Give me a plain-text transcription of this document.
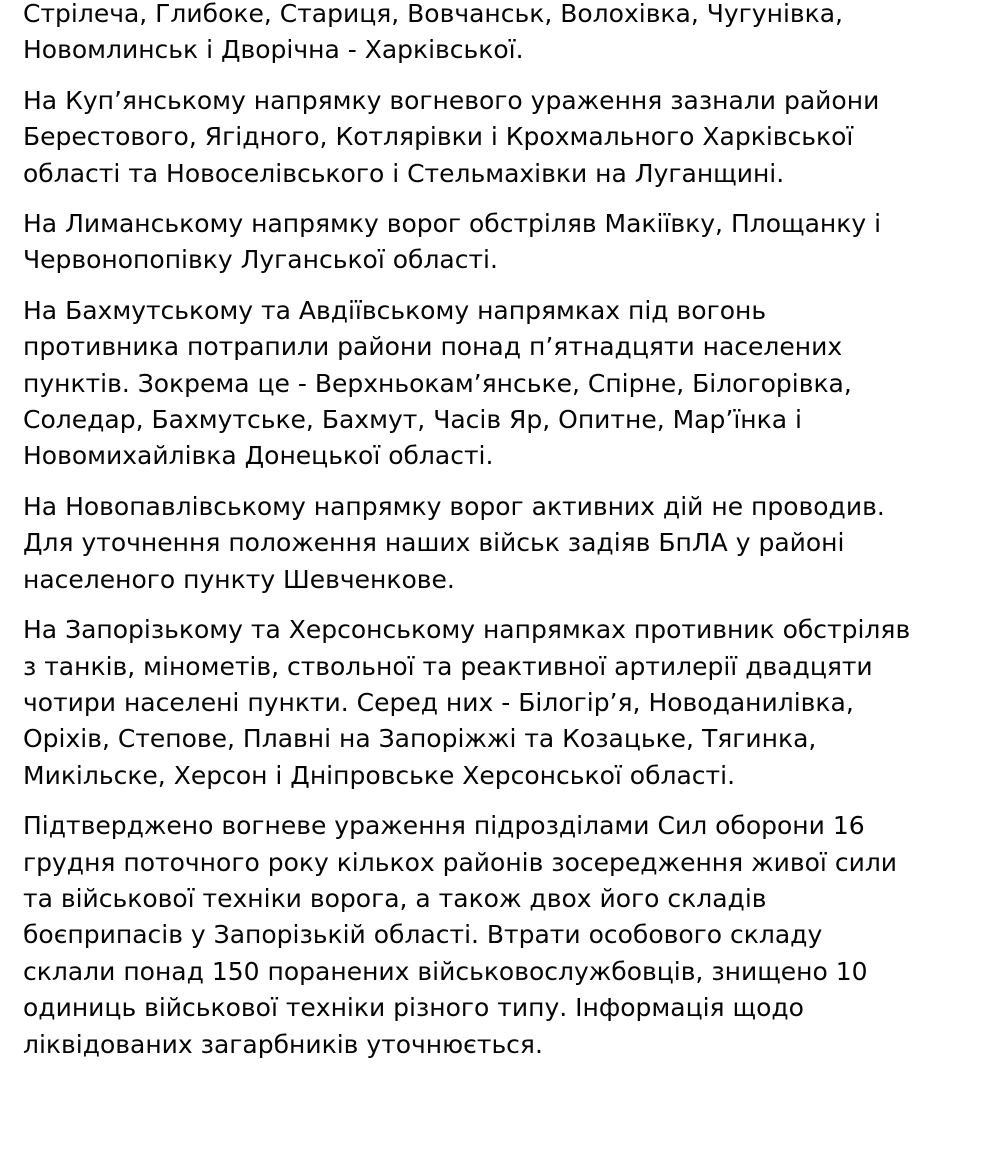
Стрілеча, Глибоке, Стариця, Вовчанськ, Волохівка, Чугунівка,
Новомлинськ і Дворічна - Харківської.

На Куп’янському напрямку вогневого ураження зазнали райони
Берестового, Ягідного, Котлярівки і Крохмального Харківської
області та Новоселівського і Стельмахівки на Луганщині.

На Лиманському напрямку ворог обстріляв Макіївку, Площанку і
Червонопопівку Луганської області.

На Бахмутському та Авдіївському напрямках під вогонь
противника потрапили райони понад п’ятнадцяти населених
пунктів. Зокрема це - Верхньокам’янське, Спірне, Білогорівка,
Соледар, Бахмутське, Бахмут, Часів Яр, Опитне, Мар’їнка і
Новомихайлівка Донецької області.

На Новопавлівському напрямку ворог активних дій не проводив.
Для уточнення положення наших військ задіяв БпЛА у районі
населеного пункту Шевченкове.

На Запорізькому та Херсонському напрямках противник обстріляв
з танків, мінометів, ствольної та реактивної артилерії двадцяти
чотири населені пункти. Серед них - Білогір’я, Новоданилівка,
Оріхів, Степове, Плавні на Запоріжжі та Козацьке, Тягинка,
Микільске, Херсон і Дніпровське Херсонської області.

Підтверджено вогневе ураження підрозділами Сил оборони 16
грудня поточного року кількох районів зосередження живої сили
та військової техніки ворога, а також двох його складів
боєприпасів у Запорізькій області. Втрати особового складу
склали понад 150 поранених військовослужбовців, знищено 10
одиниць військової техніки різного типу. Інформація щодо
ліквідованих загарбників уточнюється.
